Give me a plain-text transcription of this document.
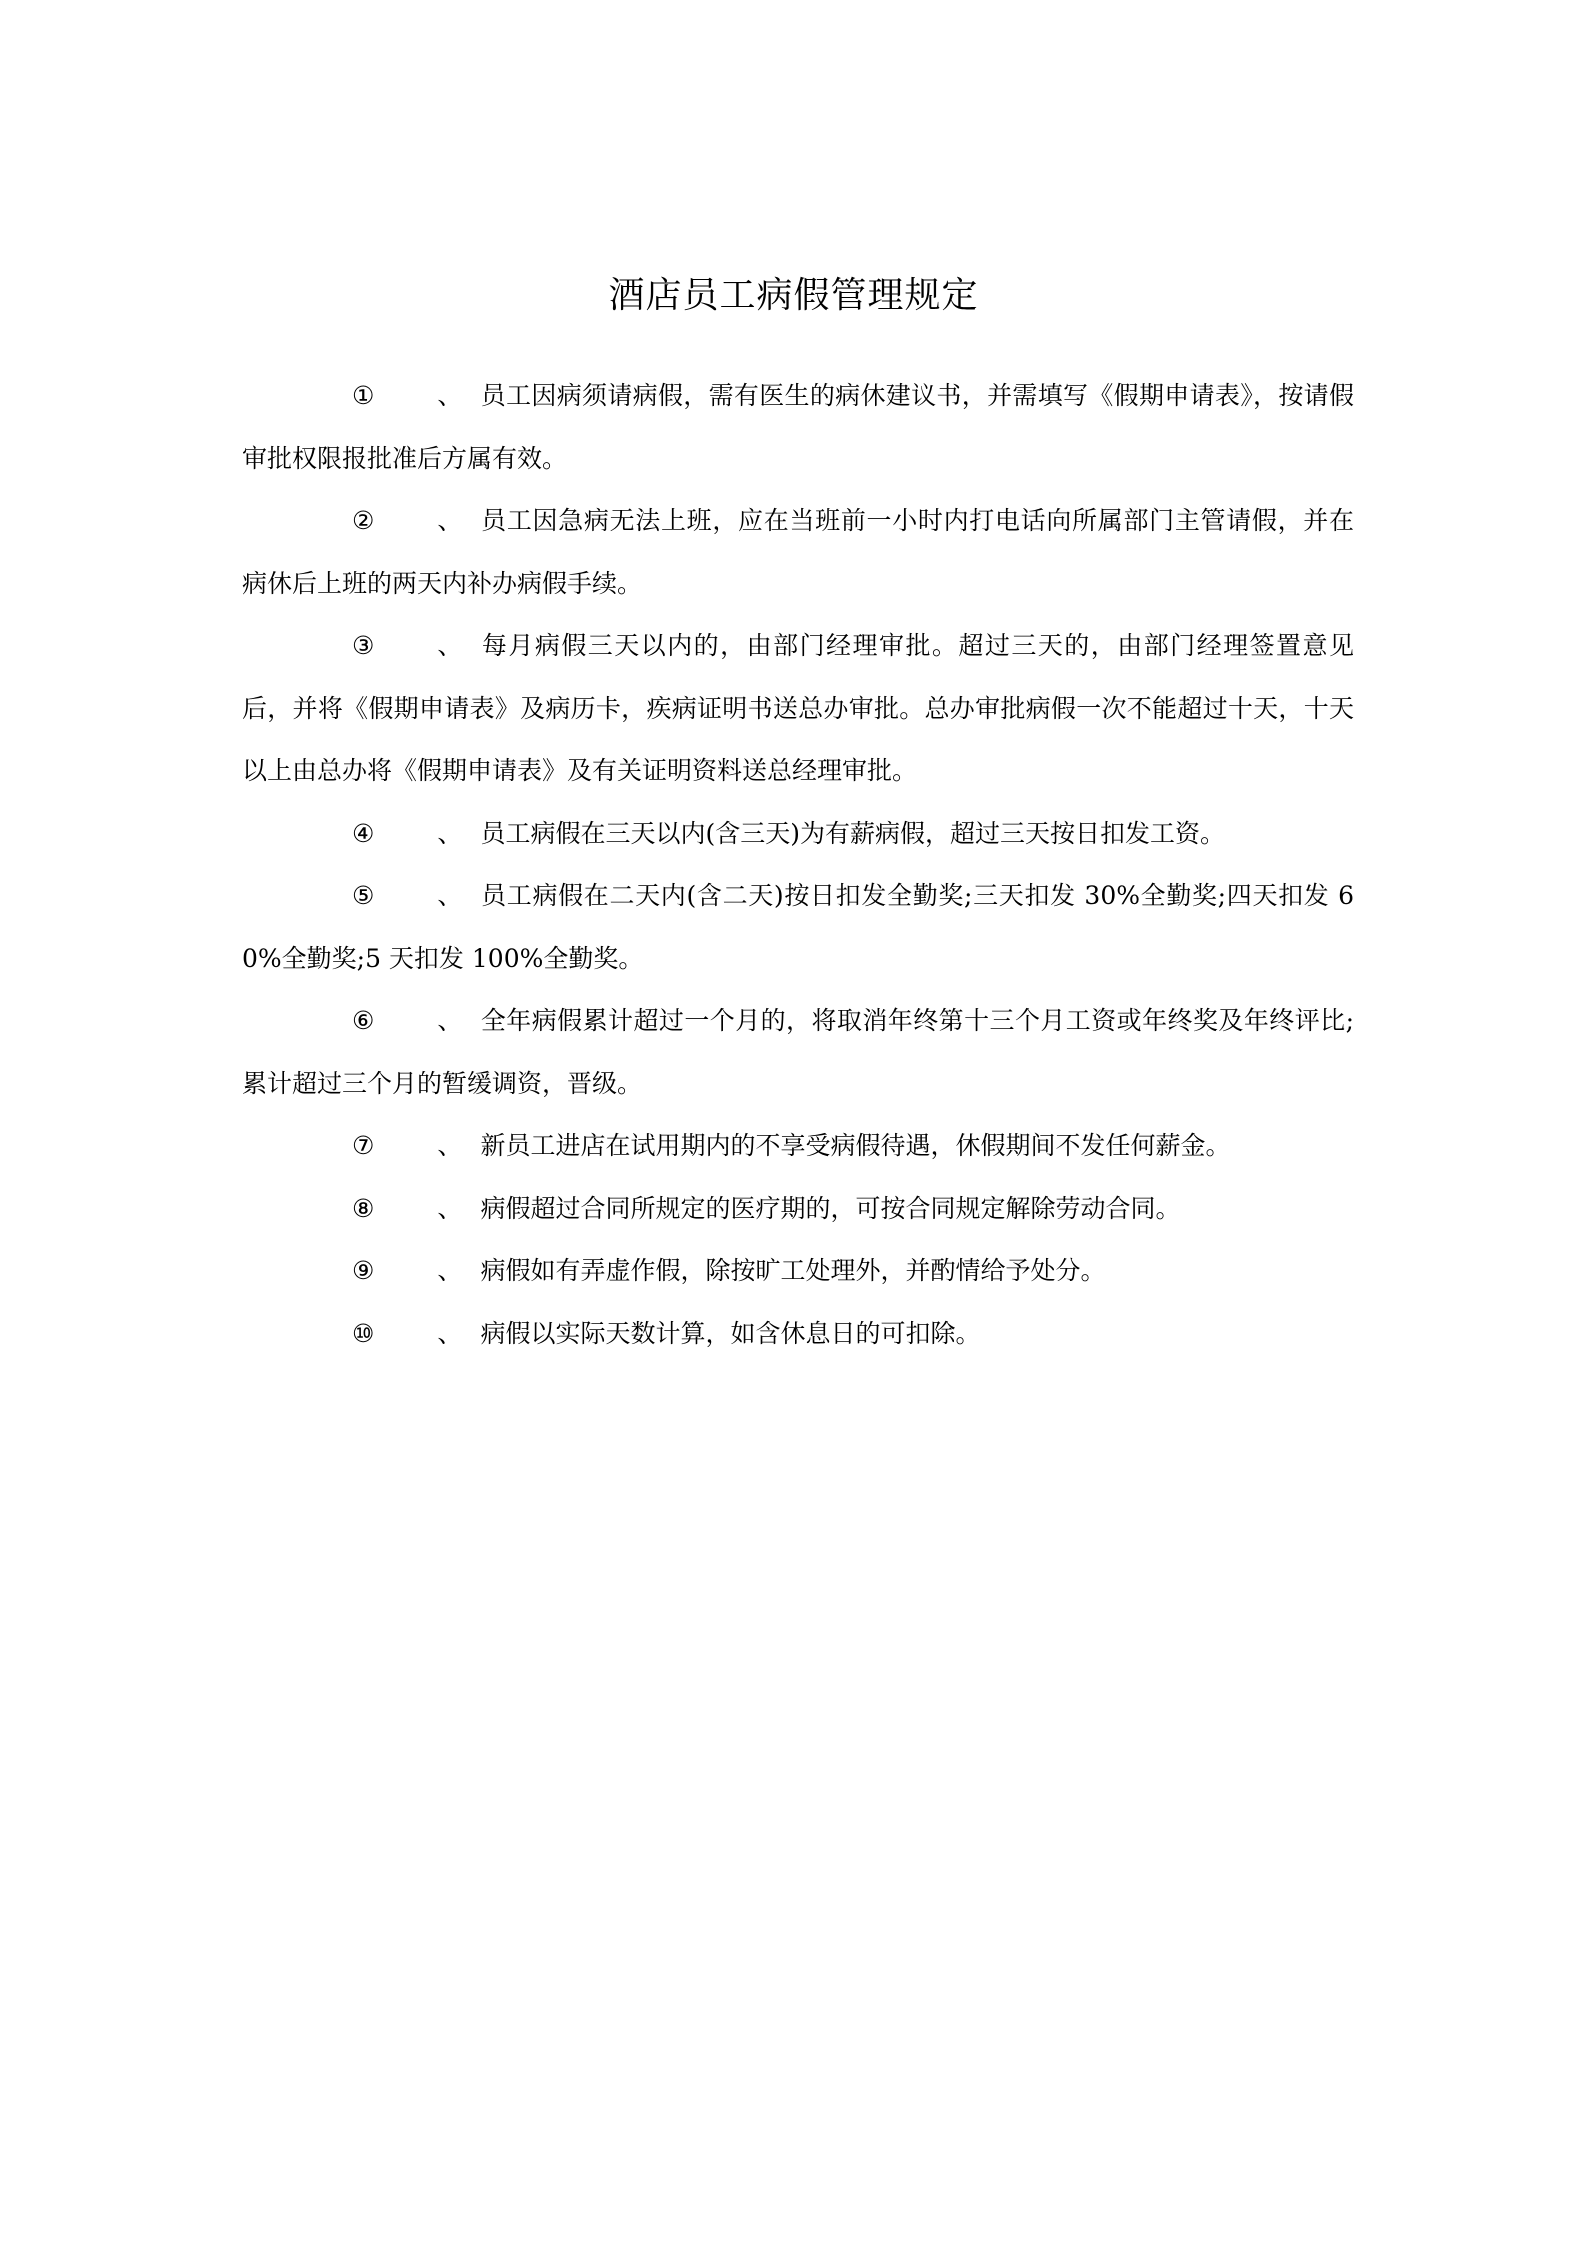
酒店员工病假管理规定

①	、 员工因病须请病假，需有医生的病休建议书，并需填写《假期申请表》，按请假审批权限报批准后方属有效。

②	、 员工因急病无法上班，应在当班前一小时内打电话向所属部门主管请假，并在病休后上班的两天内补办病假手续。

③	、 每月病假三天以内的，由部门经理审批。超过三天的，由部门经理签置意见后，并将《假期申请表》及病历卡，疾病证明书送总办审批。总办审批病假一次不能超过十天，十天以上由总办将《假期申请表》及有关证明资料送总经理审批。

④	、 员工病假在三天以内(含三天)为有薪病假，超过三天按日扣发工资。

⑤	、 员工病假在二天内(含二天)按日扣发全勤奖;三天扣发 30%全勤奖;四天扣发 60%全勤奖;5 天扣发 100%全勤奖。

⑥	、 全年病假累计超过一个月的，将取消年终第十三个月工资或年终奖及年终评比;累计超过三个月的暂缓调资，晋级。

⑦	、 新员工进店在试用期内的不享受病假待遇，休假期间不发任何薪金。

⑧	、 病假超过合同所规定的医疗期的，可按合同规定解除劳动合同。

⑨	、 病假如有弄虚作假，除按旷工处理外，并酌情给予处分。

⑩	、 病假以实际天数计算，如含休息日的可扣除。
